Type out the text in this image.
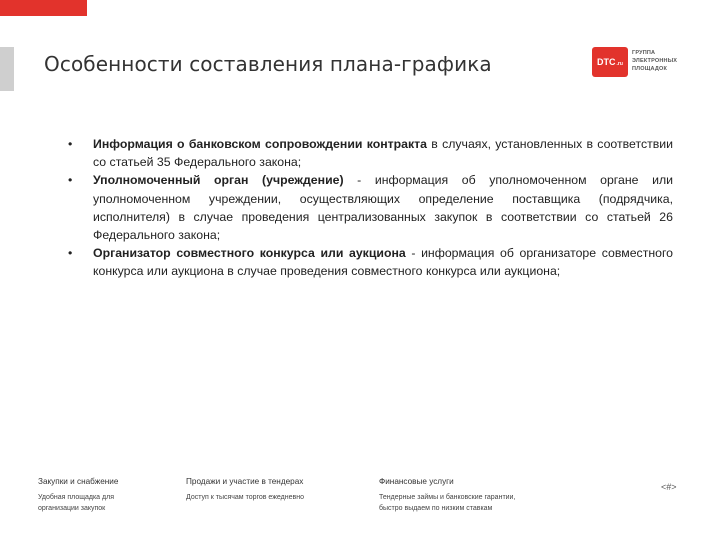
Особенности составления плана-графика	DTC .ru
ГРУППА
ЭЛЕКТРОННЫХ
ПЛОЩАДОК
• Информация о банковском сопровождении контракта в случаях, установленных в соответствии со статьей 35 Федерального закона;
• Уполномоченный орган (учреждение) - информация об уполномоченном органе или уполномоченном учреждении, осуществляющих определение поставщика (подрядчика, исполнителя) в случае проведения централизованных закупок в соответствии со статьей 26 Федерального закона;
• Организатор совместного конкурса или аукциона - информация об организаторе совместного конкурса или аукциона в случае проведения совместного конкурса или аукциона;
Закупки и снабжение
Удобная площадка для
организации закупок
Продажи и участие в тендерах
Доступ к тысячам торгов ежедневно
Финансовые услуги
Тендерные займы и банковские гарантии,
быстро выдаем по низким ставкам
<#>
